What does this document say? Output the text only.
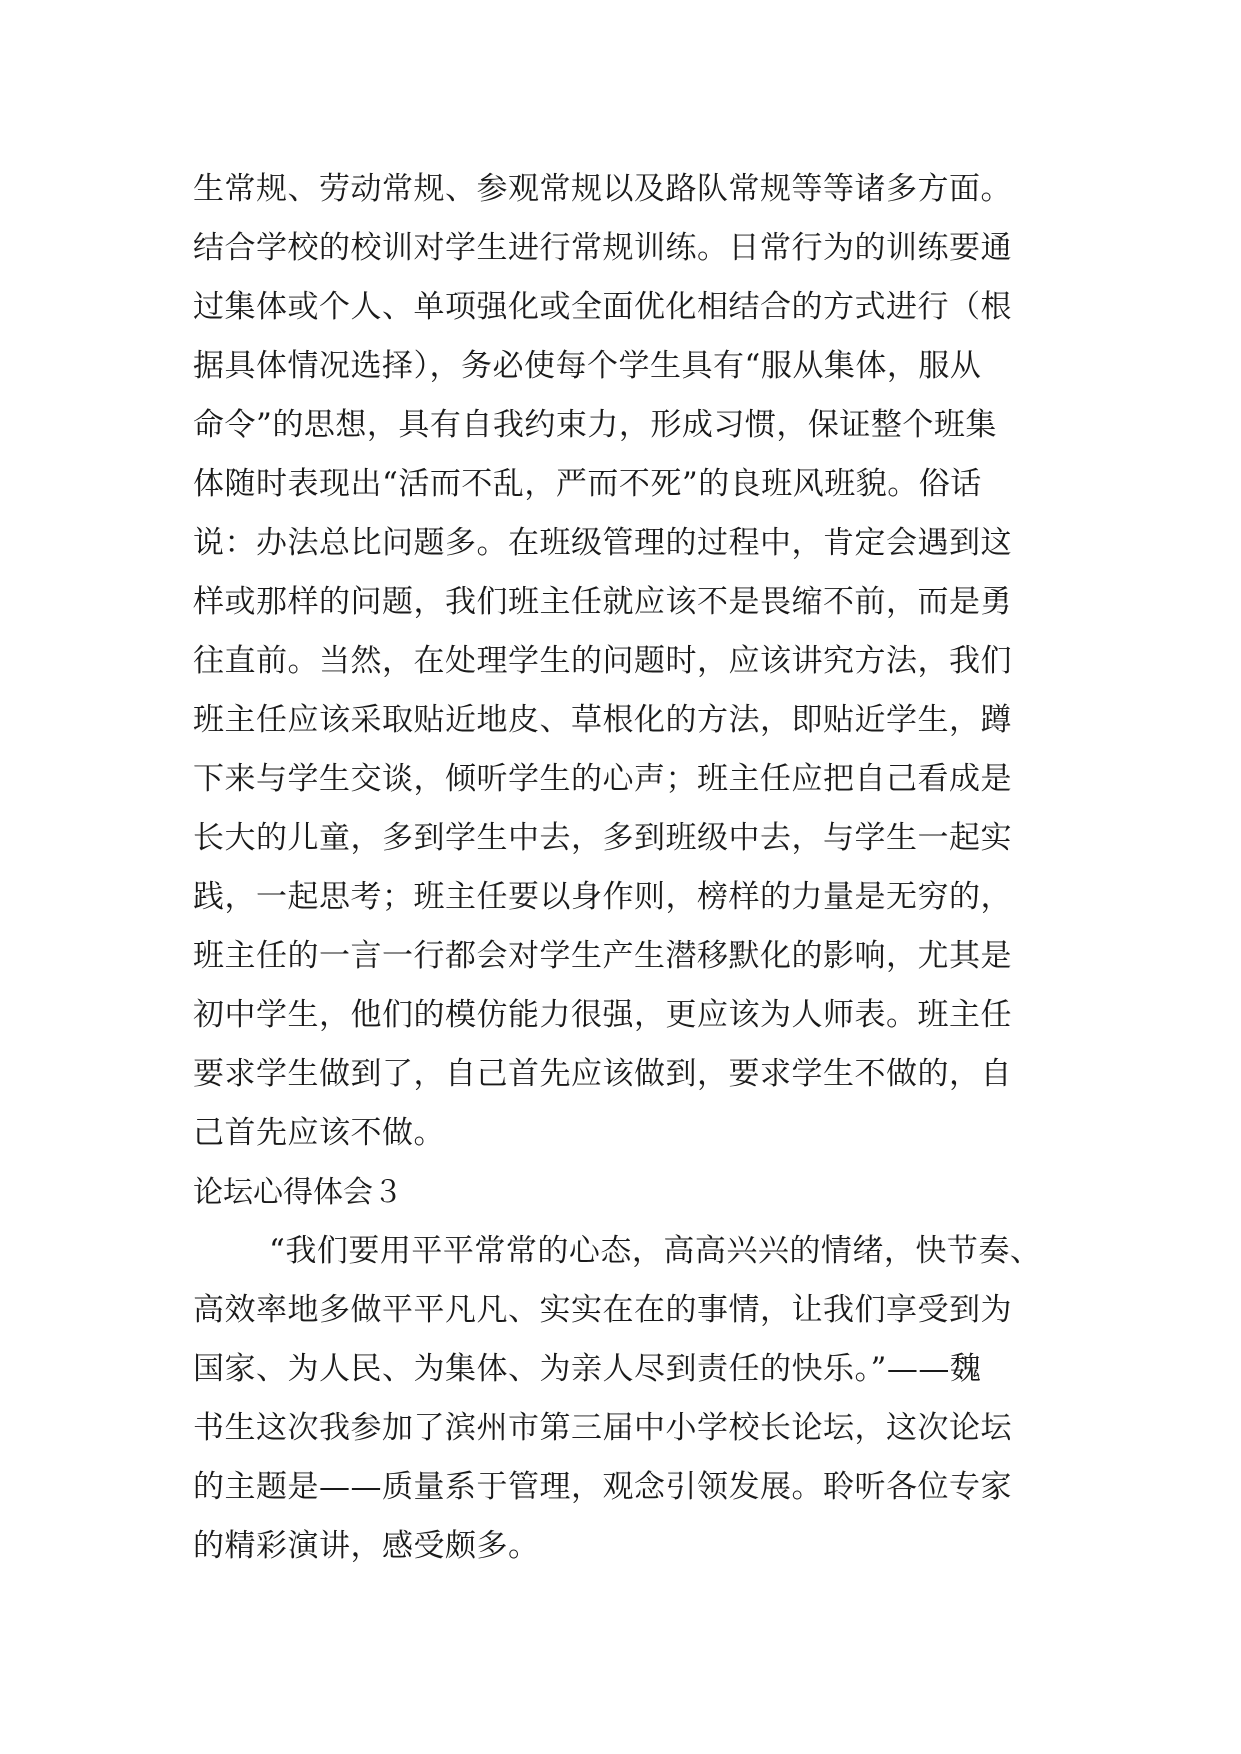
生常规、劳动常规、参观常规以及路队常规等等诸多方面。
结合学校的校训对学生进行常规训练。日常行为的训练要通
过集体或个人、单项强化或全面优化相结合的方式进行（根
据具体情况选择），务必使每个学生具有“服从集体，服从
命令”的思想，具有自我约束力，形成习惯，保证整个班集
体随时表现出“活而不乱，严而不死”的良班风班貌。俗话
说：办法总比问题多。在班级管理的过程中，肯定会遇到这
样或那样的问题，我们班主任就应该不是畏缩不前，而是勇
往直前。当然，在处理学生的问题时，应该讲究方法，我们
班主任应该采取贴近地皮、草根化的方法，即贴近学生，蹲
下来与学生交谈，倾听学生的心声；班主任应把自己看成是
长大的儿童，多到学生中去，多到班级中去，与学生一起实
践，一起思考；班主任要以身作则，榜样的力量是无穷的，
班主任的一言一行都会对学生产生潜移默化的影响，尤其是
初中学生，他们的模仿能力很强，更应该为人师表。班主任
要求学生做到了，自己首先应该做到，要求学生不做的，自
己首先应该不做。
论坛心得体会３
“我们要用平平常常的心态，高高兴兴的情绪，快节奏、
高效率地多做平平凡凡、实实在在的事情，让我们享受到为
国家、为人民、为集体、为亲人尽到责任的快乐。”——魏
书生这次我参加了滨州市第三届中小学校长论坛，这次论坛
的主题是——质量系于管理，观念引领发展。聆听各位专家
的精彩演讲，感受颇多。
